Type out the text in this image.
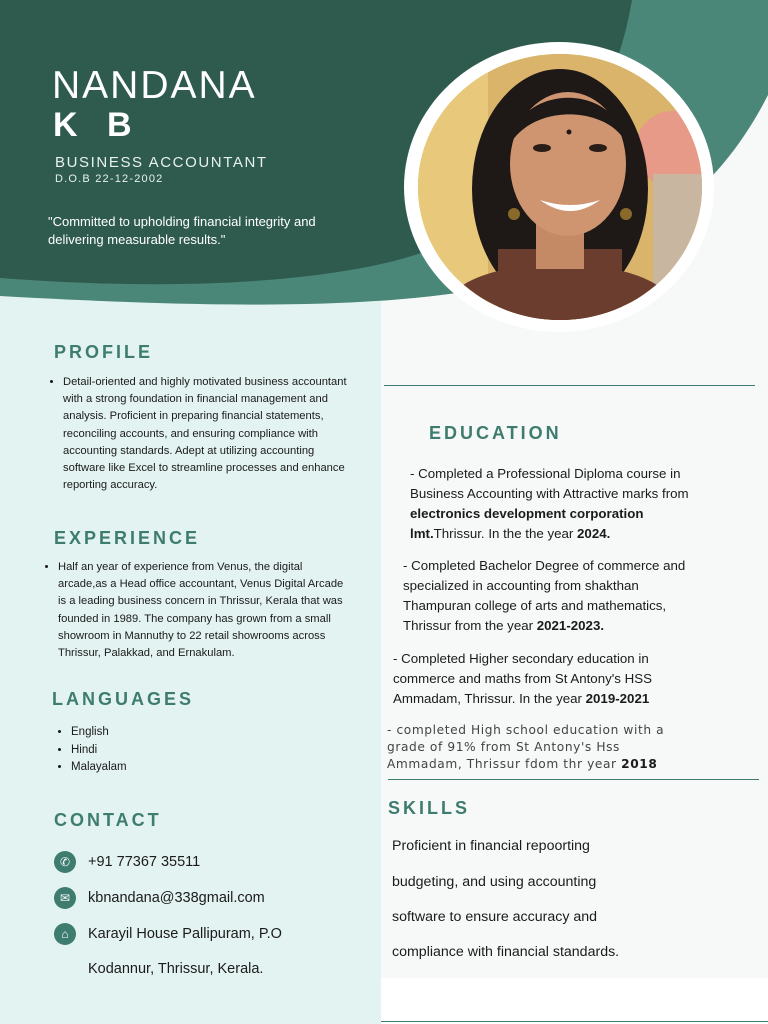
NANDANA
K B
BUSINESS ACCOUNTANT
D.O.B 22-12-2002
"Committed to upholding financial integrity and delivering measurable results."
PROFILE
• Detail-oriented and highly motivated business accountant with a strong foundation in financial management and analysis. Proficient in preparing financial statements, reconciling accounts, and ensuring compliance with accounting standards. Adept at utilizing accounting software like Excel to streamline processes and enhance reporting accuracy.
EXPERIENCE
• Half an year of experience from Venus, the digital arcade,as a Head office accountant, Venus Digital Arcade is a leading business concern in Thrissur, Kerala that was founded in 1989. The company has grown from a small showroom in Mannuthy to 22 retail showrooms across Thrissur, Palakkad, and Ernakulam.
LANGUAGES
• English
• Hindi
• Malayalam
CONTACT
✆	+91 77367 35511
✉	kbnandana@338gmail.com
⌂	Karayil House Pallipuram, P.O
Kodannur, Thrissur, Kerala.
EDUCATION
- Completed a Professional Diploma course in Business Accounting with Attractive marks from electronics development corporation lmt.Thrissur. In the the year 2024.
- Completed Bachelor Degree of commerce and specialized in accounting from shakthan Thampuran college of arts and mathematics, Thrissur from the year 2021-2023.
- Completed Higher secondary education in commerce and maths from St Antony's HSS Ammadam, Thrissur. In the year 2019-2021
- completed High school education with a grade of 91% from St Antony's Hss Ammadam, Thrissur fdom thr year 2018
SKILLS
Proficient in financial repoorting
budgeting, and using accounting
software to ensure accuracy and
compliance with financial standards.
